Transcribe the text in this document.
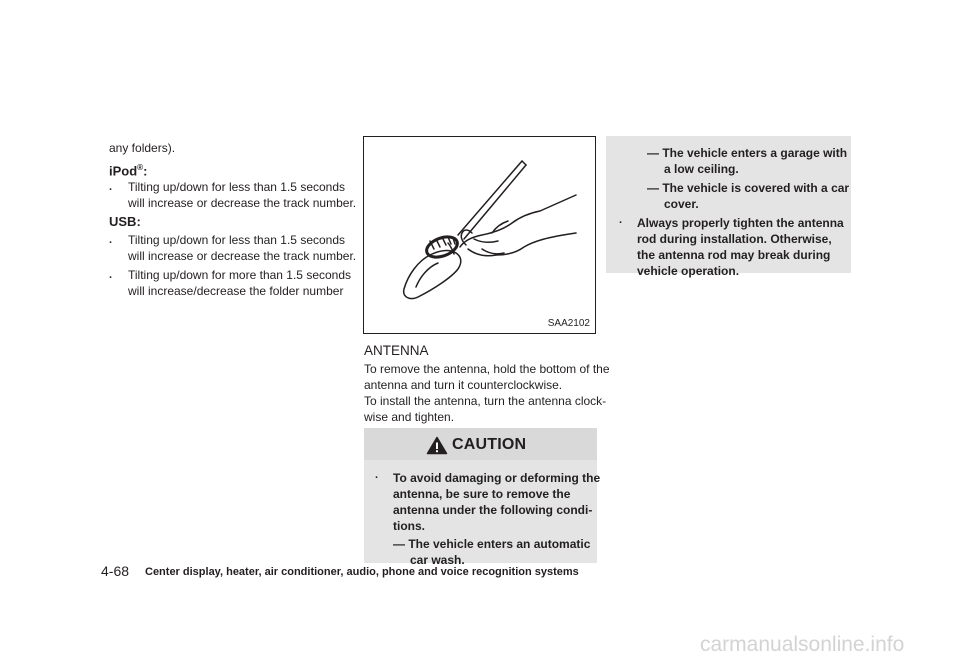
any folders).
iPod®:
. Tilting up/down for less than 1.5 seconds
will increase or decrease the track number.
USB:
. Tilting up/down for less than 1.5 seconds
will increase or decrease the track number.
. Tilting up/down for more than 1.5 seconds
will increase/decrease the folder number
SAA2102
ANTENNA
To remove the antenna, hold the bottom of the
antenna and turn it counterclockwise.
To install the antenna, turn the antenna clock-
wise and tighten.
CAUTION
. To avoid damaging or deforming the
antenna, be sure to remove the
antenna under the following condi-
tions.
— The vehicle enters an automatic
car wash.
— The vehicle enters a garage with
a low ceiling.
— The vehicle is covered with a car
cover.
. Always properly tighten the antenna
rod during installation. Otherwise,
the antenna rod may break during
vehicle operation.
4-68 Center display, heater, air conditioner, audio, phone and voice recognition systems
carmanualsonline.info
